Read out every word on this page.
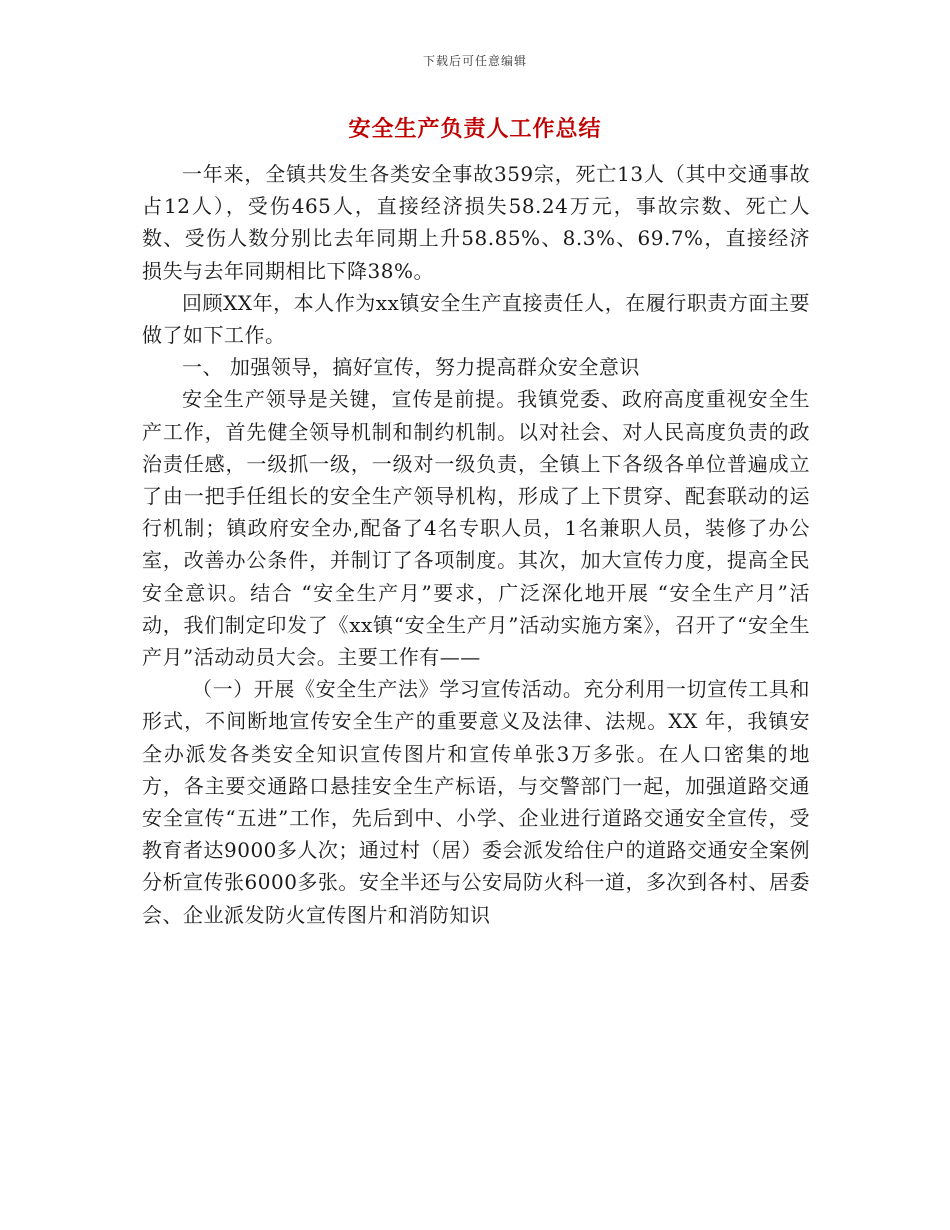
下载后可任意编辑
安全生产负责人工作总结

一年来，全镇共发生各类安全事故359宗，死亡13人（其中交通事故占12人），受伤465人，直接经济损失58.24万元，事故宗数、死亡人数、受伤人数分别比去年同期上升58.85%、8.3%、69.7%，直接经济损失与去年同期相比下降38%。

回顾XX年，本人作为xx镇安全生产直接责任人，在履行职责方面主要做了如下工作。

一、 加强领导，搞好宣传，努力提高群众安全意识

安全生产领导是关键，宣传是前提。我镇党委、政府高度重视安全生产工作，首先健全领导机制和制约机制。以对社会、对人民高度负责的政治责任感，一级抓一级，一级对一级负责，全镇上下各级各单位普遍成立了由一把手任组长的安全生产领导机构，形成了上下贯穿、配套联动的运行机制；镇政府安全办,配备了4名专职人员，1名兼职人员，装修了办公室，改善办公条件，并制订了各项制度。其次，加大宣传力度，提高全民安全意识。结合 “安全生产月”要求，广泛深化地开展 “安全生产月”活动，我们制定印发了《xx镇“安全生产月”活动实施方案》，召开了“安全生产月”活动动员大会。主要工作有——

（一）开展《安全生产法》学习宣传活动。充分利用一切宣传工具和形式，不间断地宣传安全生产的重要意义及法律、法规。XX 年，我镇安全办派发各类安全知识宣传图片和宣传单张3万多张。在人口密集的地方，各主要交通路口悬挂安全生产标语，与交警部门一起，加强道路交通安全宣传“五进”工作，先后到中、小学、企业进行道路交通安全宣传，受教育者达9000多人次；通过村（居）委会派发给住户的道路交通安全案例分析宣传张6000多张。安全半还与公安局防火科一道，多次到各村、居委会、企业派发防火宣传图片和消防知识
